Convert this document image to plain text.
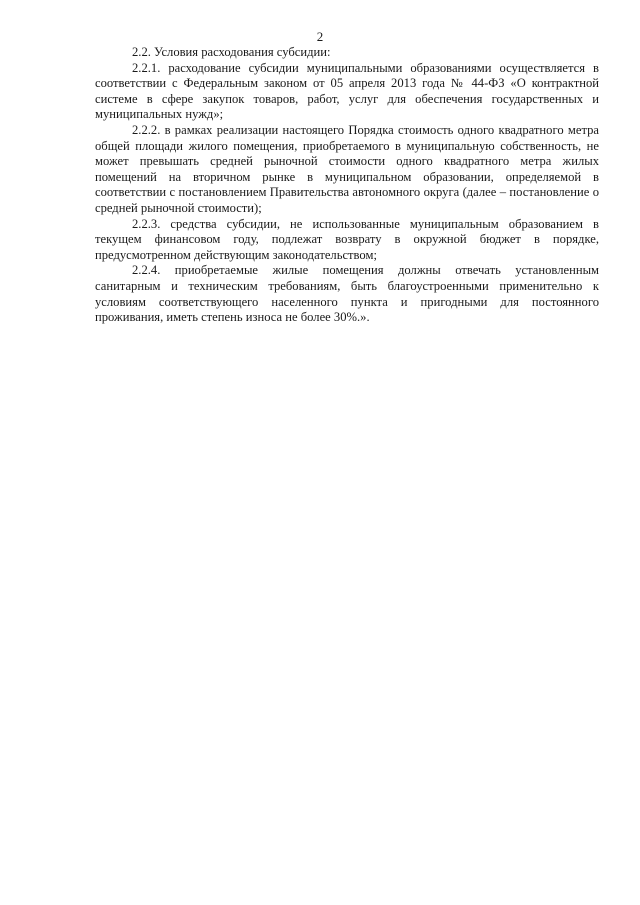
2

2.2. Условия расходования субсидии:

2.2.1. расходование субсидии муниципальными образованиями осуществляется в соответствии с Федеральным законом от 05 апреля 2013 года № 44-ФЗ «О контрактной системе в сфере закупок товаров, работ, услуг для обеспечения государственных и муниципальных нужд»;

2.2.2. в рамках реализации настоящего Порядка стоимость одного квадратного метра общей площади жилого помещения, приобретаемого в муниципальную собственность, не может превышать средней рыночной стоимости одного квадратного метра жилых помещений на вторичном рынке в муниципальном образовании, определяемой в соответствии с постановлением Правительства автономного округа (далее – постановление о средней рыночной стоимости);

2.2.3. средства субсидии, не использованные муниципальным образованием в текущем финансовом году, подлежат возврату в окружной бюджет в порядке, предусмотренном действующим законодательством;

2.2.4. приобретаемые жилые помещения должны отвечать установленным санитарным и техническим требованиям, быть благоустроенными применительно к условиям соответствующего населенного пункта и пригодными для постоянного проживания, иметь степень износа не более 30%.».
